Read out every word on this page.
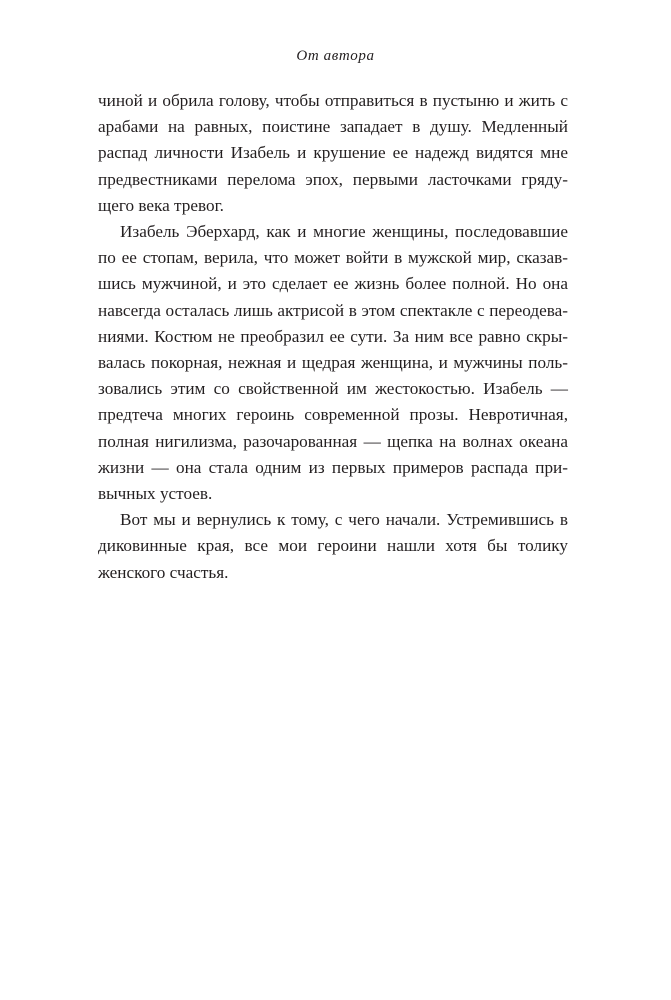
От автора

чиной и обрила голову, чтобы отправиться в пустыню и жить с арабами на равных, поистине западает в душу. Медленный распад личности Изабель и крушение ее надежд видятся мне предвестниками перелома эпох, первыми ласточками грядущего века тревог.

Изабель Эберхард, как и многие женщины, последовавшие по ее стопам, верила, что может войти в мужской мир, сказавшись мужчиной, и это сделает ее жизнь более полной. Но она навсегда осталась лишь актрисой в этом спектакле с переодеваниями. Костюм не преобразил ее сути. За ним все равно скрывалась покорная, нежная и щедрая женщина, и мужчины пользовались этим со свойственной им жестокостью. Изабель — предтеча многих героинь современной прозы. Невротичная, полная нигилизма, разочарованная — щепка на волнах океана жизни — она стала одним из первых примеров распада привычных устоев.

Вот мы и вернулись к тому, с чего начали. Устремившись в диковинные края, все мои героини нашли хотя бы толику женского счастья.
